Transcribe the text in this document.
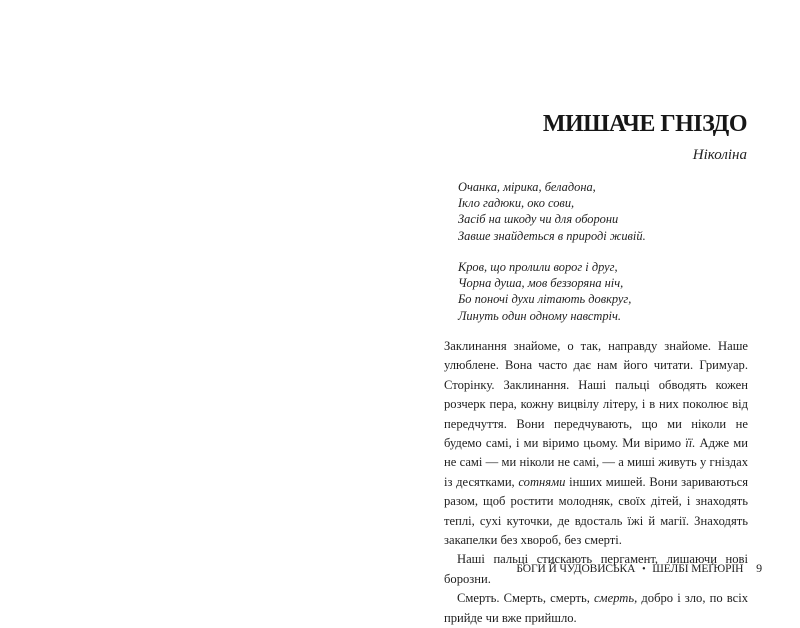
МИШАЧЕ ГНІЗДО
Ніколіна
Очанка, мірика, беладона,
Ікло гадюки, око сови,
Засіб на шкоду чи для оборони
Завше знайдеться в природі живій.
Кров, що пролили ворог і друг,
Чорна душа, мов беззоряна ніч,
Бо поночі духи літають довкруг,
Линуть один одному навстріч.

Заклинання знайоме, о так, направду знайоме. Наше улюблене. Вона часто дає нам його читати. Гримуар. Сторінку. Заклинання. Наші пальці обводять кожен розчерк пера, кожну вицвілу літеру, і в них поколює від передчуття. Вони передчувають, що ми ніколи не будемо самі, і ми віримо цьому. Ми віримо її. Адже ми не самі — ми ніколи не самі, — а миші живуть у гніздах із десятками, сотнями інших мишей. Вони зариваються разом, щоб ростити молодняк, своїх дітей, і знаходять теплі, сухі куточки, де вдосталь їжі й магії. Знаходять закапелки без хвороб, без смерті.

Наші пальці стискають пергамент, лишаючи нові борозни.

Смерть. Смерть, смерть, смерть, добро і зло, по всіх прийде чи вже прийшло.

БОГИ Й ЧУДОВИСЬКА • ШЕЛБІ МЕҐЮРІН 9
